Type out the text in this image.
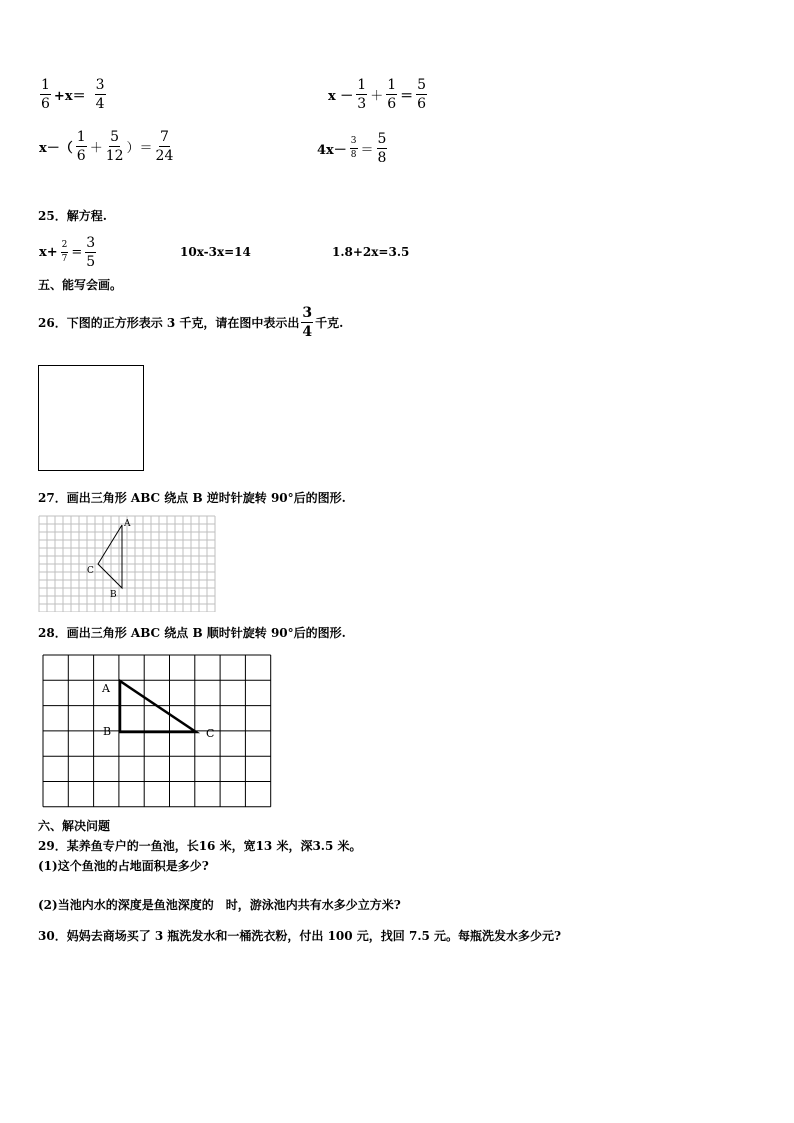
$\frac{1}{6} +x= \frac{3}{4}$	$x - \frac{1}{3} + \frac{1}{6} = \frac{5}{6}$
$x-( \frac{1}{6} + \frac{5}{12}$ ）＝ $\frac{7}{24}$	$4x- \frac{3}{8} = \frac{5}{8}$
25．解方程.
$x+ \frac{2}{7} = \frac{3}{5}$	10x-3x=14	1.8+2x=3.5
五、能写会画。
26．下图的正方形表示 3 千克，请在图中表示出 $\frac{3}{4}$ 千克.
27．画出三角形 ABC 绕点 B 逆时针旋转 90°后的图形.
A
B
C
28．画出三角形 ABC 绕点 B 顺时针旋转 90°后的图形.
A
B	C
六、解决问题
29．某养鱼专户的一鱼池，长16 米，宽13 米，深3.5 米。
(1)这个鱼池的占地面积是多少?
(2)当池内水的深度是鱼池深度的　时，游泳池内共有水多少立方米?
30．妈妈去商场买了 3 瓶洗发水和一桶洗衣粉，付出 100 元，找回 7.5 元。每瓶洗发水多少元?
